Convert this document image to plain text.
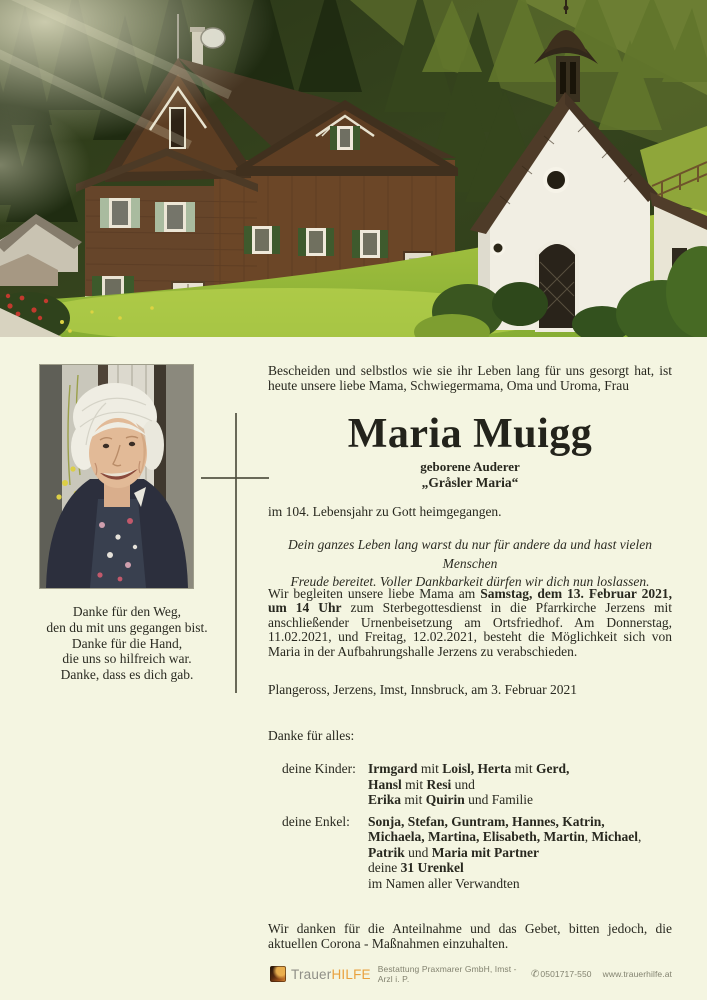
Danke für den Weg,
den du mit uns gegangen bist.
Danke für die Hand,
die uns so hilfreich war.
Danke, dass es dich gab.

Bescheiden und selbstlos wie sie ihr Leben lang für uns gesorgt hat, ist heute unsere liebe Mama, Schwiegermama, Oma und Uroma, Frau

Maria Muigg
geborene Auderer
„Gråsler Maria“
im 104. Lebensjahr zu Gott heimgegangen.
Dein ganzes Leben lang warst du nur für andere da und hast vielen Menschen
Freude bereitet. Voller Dankbarkeit dürfen wir dich nun loslassen.

Wir begleiten unsere liebe Mama am Samstag, dem 13. Februar 2021, um 14 Uhr zum Sterbegottesdienst in die Pfarrkirche Jerzens mit anschließender Urnenbeisetzung am Ortsfriedhof. Am Donnerstag, 11.02.2021, und Freitag, 12.02.2021, besteht die Möglichkeit sich von Maria in der Aufbahrungshalle Jerzens zu verabschieden.

Plangeross, Jerzens, Imst, Innsbruck, am 3. Februar 2021
Danke für alles:
deine Kinder: Irmgard mit Loisl, Herta mit Gerd,
Hansl mit Resi und
Erika mit Quirin und Familie
deine Enkel:	Sonja, Stefan, Guntram, Hannes, Katrin,
Michaela, Martina, Elisabeth, Martin, Michael,
Patrik und Maria mit Partner
deine 31 Urenkel
im Namen aller Verwandten

Wir danken für die Anteilnahme und das Gebet, bitten jedoch, die aktuellen Corona - Maßnahmen einzuhalten.

TrauerHILFE Bestattung Praxmarer GmbH, Imst - Arzl i. P.	✆0501717-550 www.trauerhilfe.at
